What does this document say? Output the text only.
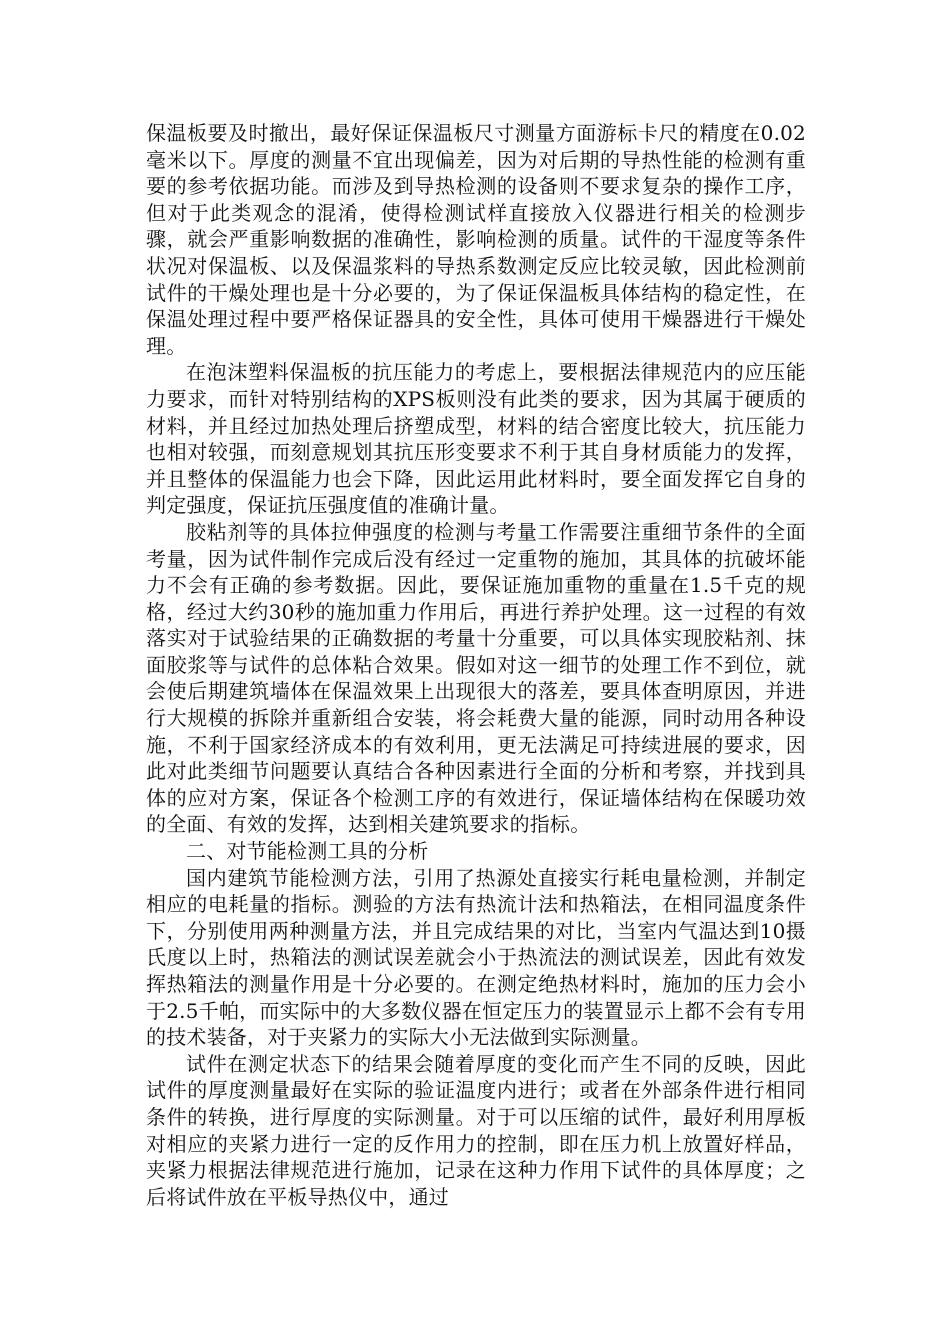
保温板要及时撤出，最好保证保温板尺寸测量方面游标卡尺的精度在0.02毫米以下。厚度的测量不宜出现偏差，因为对后期的导热性能的检测有重要的参考依据功能。而涉及到导热检测的设备则不要求复杂的操作工序，但对于此类观念的混淆，使得检测试样直接放入仪器进行相关的检测步骤，就会严重影响数据的准确性，影响检测的质量。试件的干湿度等条件状况对保温板、以及保温浆料的导热系数测定反应比较灵敏，因此检测前试件的干燥处理也是十分必要的，为了保证保温板具体结构的稳定性，在保温处理过程中要严格保证器具的安全性，具体可使用干燥器进行干燥处理。

在泡沫塑料保温板的抗压能力的考虑上，要根据法律规范内的应压能力要求，而针对特别结构的XPS板则没有此类的要求，因为其属于硬质的材料，并且经过加热处理后挤塑成型，材料的结合密度比较大，抗压能力也相对较强，而刻意规划其抗压形变要求不利于其自身材质能力的发挥，并且整体的保温能力也会下降，因此运用此材料时，要全面发挥它自身的判定强度，保证抗压强度值的准确计量。

胶粘剂等的具体拉伸强度的检测与考量工作需要注重细节条件的全面考量，因为试件制作完成后没有经过一定重物的施加，其具体的抗破坏能力不会有正确的参考数据。因此，要保证施加重物的重量在1.5千克的规格，经过大约30秒的施加重力作用后，再进行养护处理。这一过程的有效落实对于试验结果的正确数据的考量十分重要，可以具体实现胶粘剂、抹面胶浆等与试件的总体粘合效果。假如对这一细节的处理工作不到位，就会使后期建筑墙体在保温效果上出现很大的落差，要具体查明原因，并进行大规模的拆除并重新组合安装，将会耗费大量的能源，同时动用各种设施，不利于国家经济成本的有效利用，更无法满足可持续进展的要求，因此对此类细节问题要认真结合各种因素进行全面的分析和考察，并找到具体的应对方案，保证各个检测工序的有效进行，保证墙体结构在保暖功效的全面、有效的发挥，达到相关建筑要求的指标。

二、对节能检测工具的分析

国内建筑节能检测方法，引用了热源处直接实行耗电量检测，并制定相应的电耗量的指标。测验的方法有热流计法和热箱法，在相同温度条件下，分别使用两种测量方法，并且完成结果的对比，当室内气温达到10摄氏度以上时，热箱法的测试误差就会小于热流法的测试误差，因此有效发挥热箱法的测量作用是十分必要的。在测定绝热材料时，施加的压力会小于2.5千帕，而实际中的大多数仪器在恒定压力的装置显示上都不会有专用的技术装备，对于夹紧力的实际大小无法做到实际测量。

试件在测定状态下的结果会随着厚度的变化而产生不同的反映，因此试件的厚度测量最好在实际的验证温度内进行；或者在外部条件进行相同条件的转换，进行厚度的实际测量。对于可以压缩的试件，最好利用厚板对相应的夹紧力进行一定的反作用力的控制，即在压力机上放置好样品，夹紧力根据法律规范进行施加，记录在这种力作用下试件的具体厚度；之后将试件放在平板导热仪中，通过
